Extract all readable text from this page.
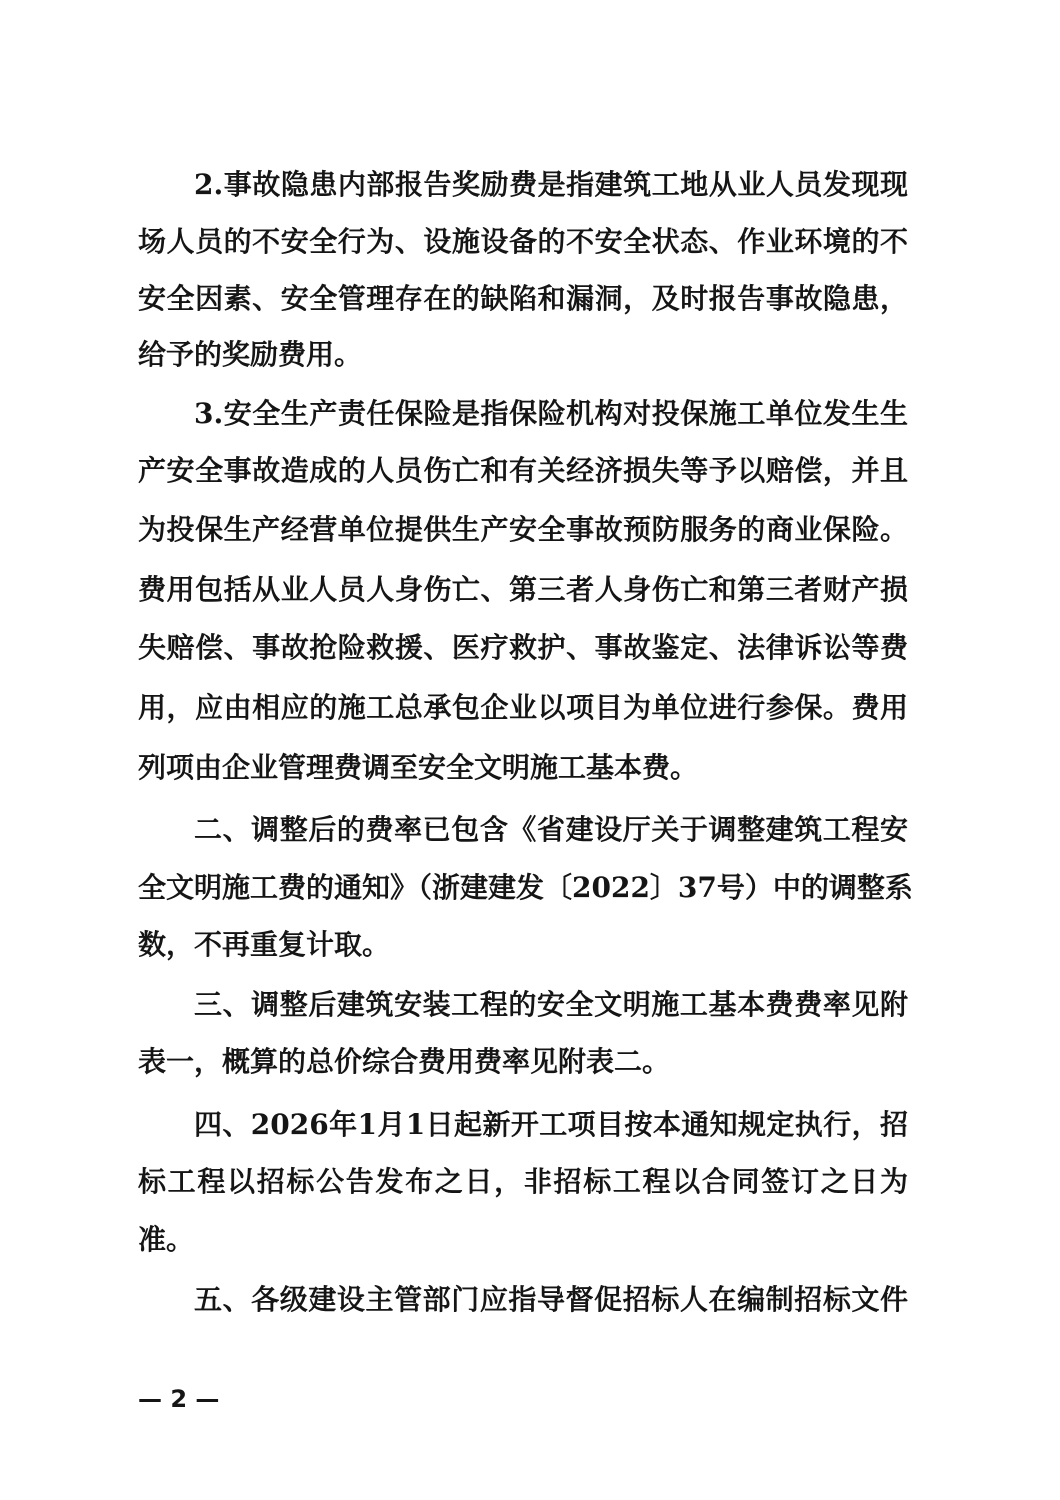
2.事故隐患内部报告奖励费是指建筑工地从业人员发现现
场人员的不安全行为、设施设备的不安全状态、作业环境的不
安全因素、安全管理存在的缺陷和漏洞，及时报告事故隐患，
给予的奖励费用。
3.安全生产责任保险是指保险机构对投保施工单位发生生
产安全事故造成的人员伤亡和有关经济损失等予以赔偿，并且
为投保生产经营单位提供生产安全事故预防服务的商业保险。
费用包括从业人员人身伤亡、第三者人身伤亡和第三者财产损
失赔偿、事故抢险救援、医疗救护、事故鉴定、法律诉讼等费
用，应由相应的施工总承包企业以项目为单位进行参保。费用
列项由企业管理费调至安全文明施工基本费。
二、调整后的费率已包含《省建设厅关于调整建筑工程安
全文明施工费的通知》（浙建建发〔2022〕37号）中的调整系
数，不再重复计取。
三、调整后建筑安装工程的安全文明施工基本费费率见附
表一，概算的总价综合费用费率见附表二。
四、2026年1月1日起新开工项目按本通知规定执行，招
标工程以招标公告发布之日，非招标工程以合同签订之日为
准。
五、各级建设主管部门应指导督促招标人在编制招标文件
— 2 —
